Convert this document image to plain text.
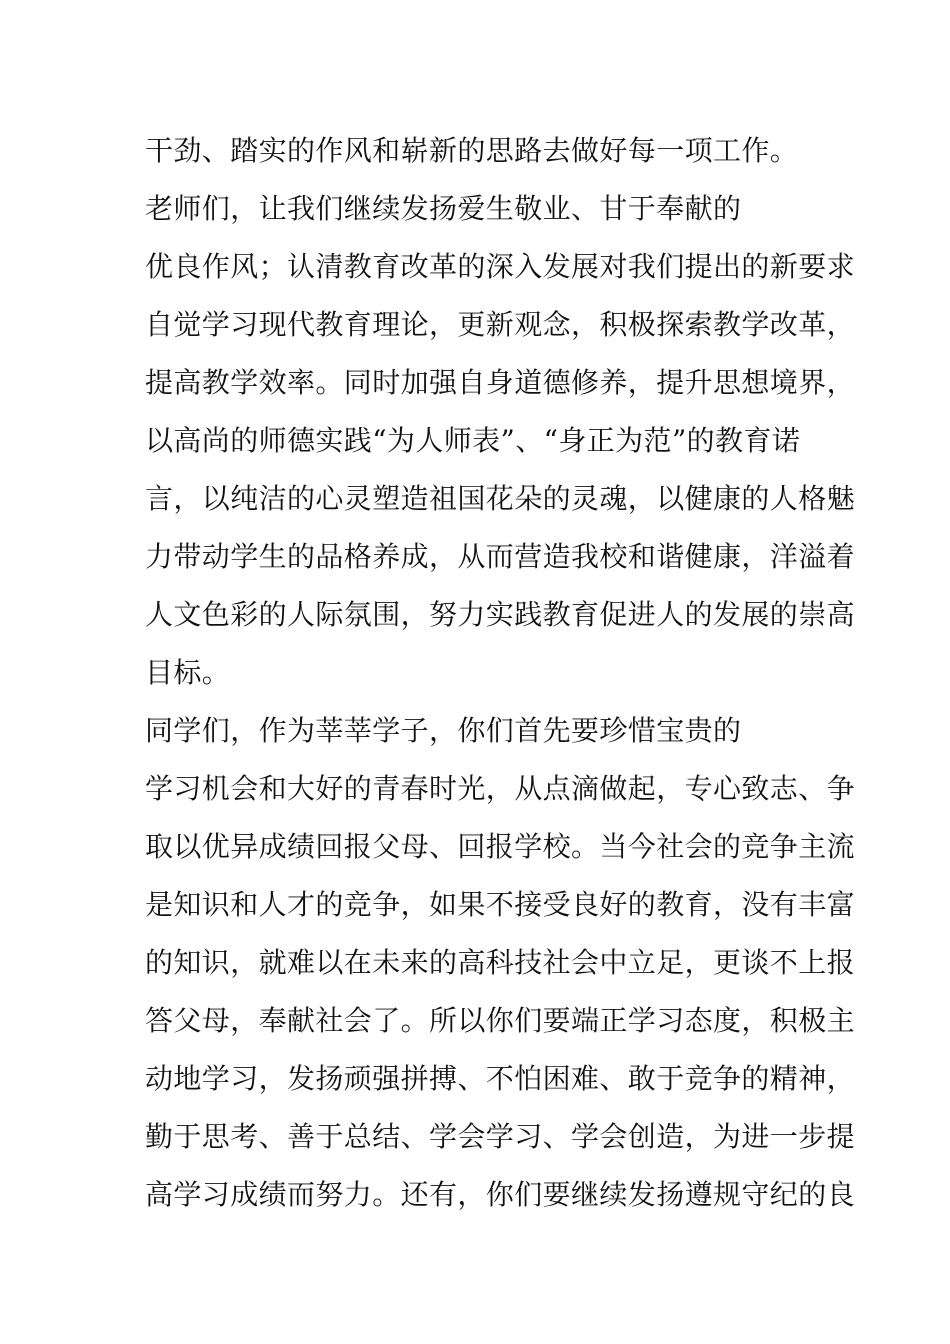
干劲、踏实的作风和崭新的思路去做好每一项工作。
老师们，让我们继续发扬爱生敬业、甘于奉献的
优良作风；认清教育改革的深入发展对我们提出的新要求
自觉学习现代教育理论，更新观念，积极探索教学改革，
提高教学效率。同时加强自身道德修养，提升思想境界，
以高尚的师德实践“为人师表”、“身正为范”的教育诺
言，以纯洁的心灵塑造祖国花朵的灵魂，以健康的人格魅
力带动学生的品格养成，从而营造我校和谐健康，洋溢着
人文色彩的人际氛围，努力实践教育促进人的发展的崇高
目标。
同学们，作为莘莘学子，你们首先要珍惜宝贵的
学习机会和大好的青春时光，从点滴做起，专心致志、争
取以优异成绩回报父母、回报学校。当今社会的竞争主流
是知识和人才的竞争，如果不接受良好的教育，没有丰富
的知识，就难以在未来的高科技社会中立足，更谈不上报
答父母，奉献社会了。所以你们要端正学习态度，积极主
动地学习，发扬顽强拼搏、不怕困难、敢于竞争的精神，
勤于思考、善于总结、学会学习、学会创造，为进一步提
高学习成绩而努力。还有，你们要继续发扬遵规守纪的良
